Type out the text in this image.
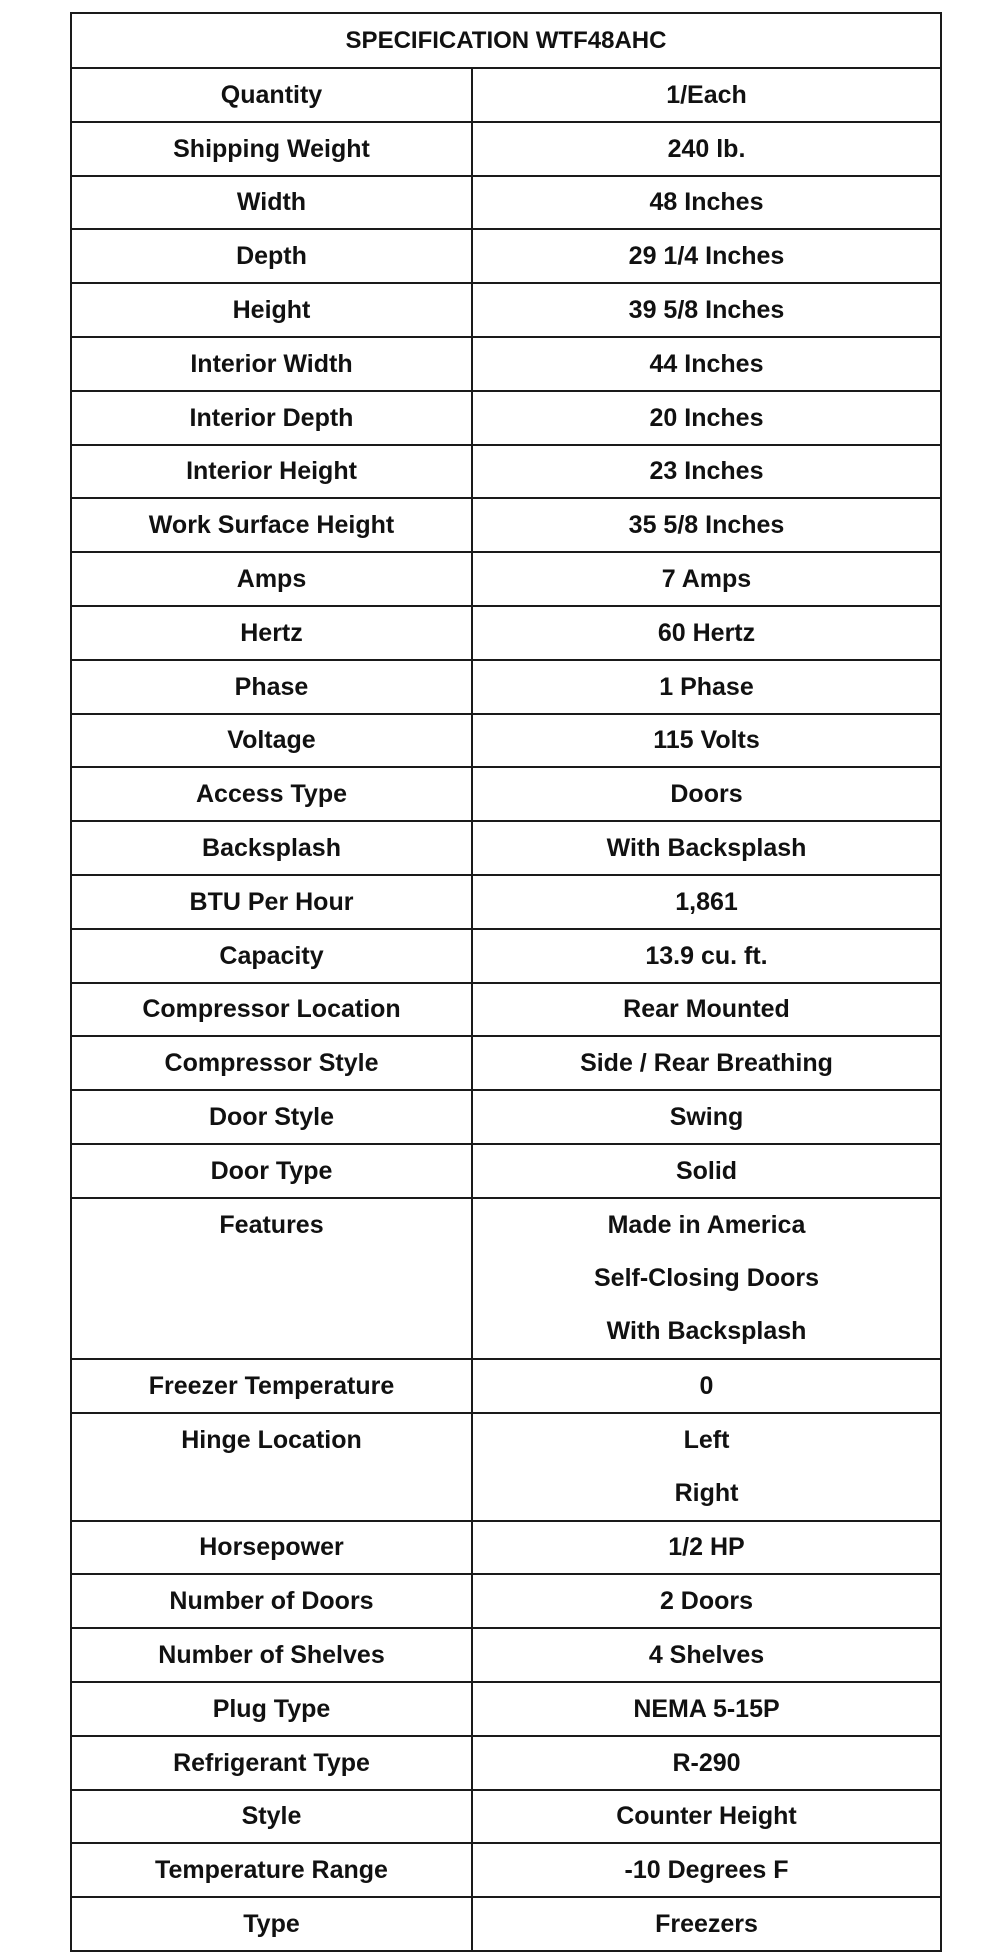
SPECIFICATION WTF48AHC	
Quantity	1/Each
Shipping Weight	240 lb.
Width	48 Inches
Depth	29 1/4 Inches
Height	39 5/8 Inches
Interior Width	44 Inches
Interior Depth	20 Inches
Interior Height	23 Inches
Work Surface Height	35 5/8 Inches
Amps	7 Amps
Hertz	60 Hertz
Phase	1 Phase
Voltage	115 Volts
Access Type	Doors
Backsplash	With Backsplash
BTU Per Hour	1,861
Capacity	13.9 cu. ft.
Compressor Location	Rear Mounted
Compressor Style	Side / Rear Breathing
Door Style	Swing
Door Type	Solid
Features	Made in America
Self-Closing Doors
With Backsplash

Freezer Temperature	0
Hinge Location	Left
Right

Horsepower	1/2 HP
Number of Doors	2 Doors
Number of Shelves	4 Shelves
Plug Type	NEMA 5-15P
Refrigerant Type	R-290
Style	Counter Height
Temperature Range	-10 Degrees F
Type	Freezers
